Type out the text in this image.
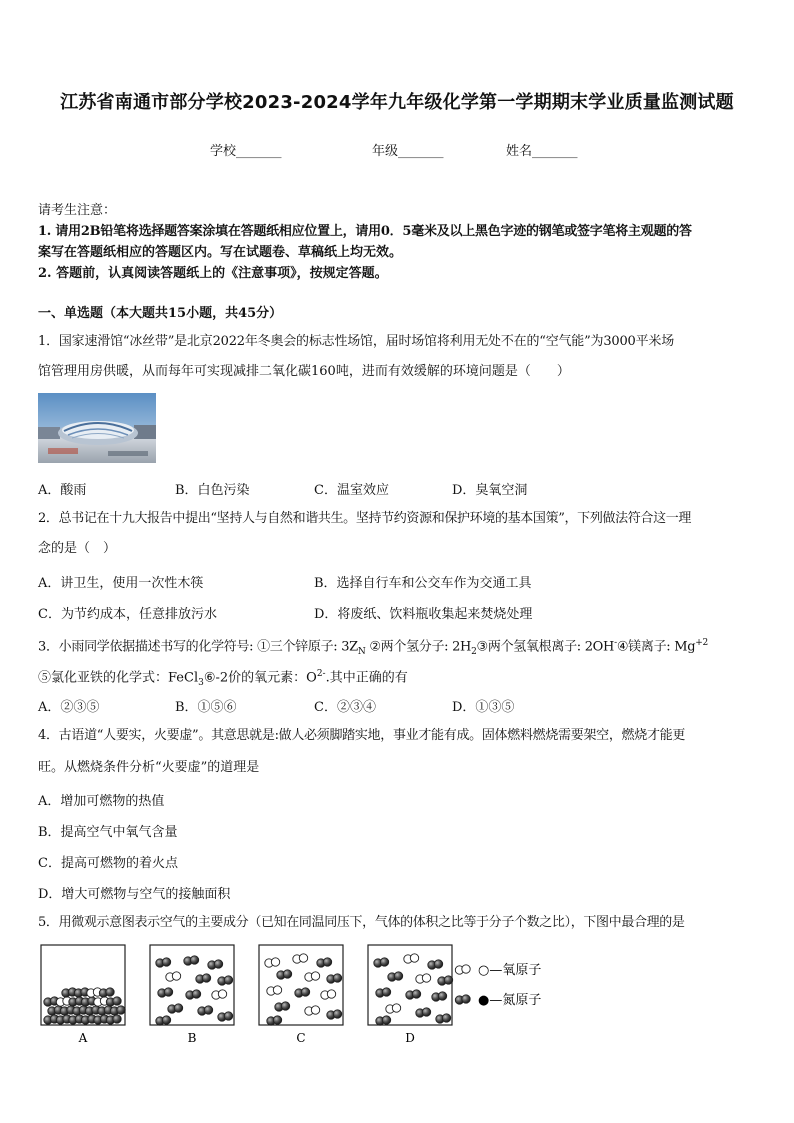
江苏省南通市部分学校2023-2024学年九年级化学第一学期期末学业质量监测试题
学校_______	年级_______	姓名_______
请考生注意：
1. 请用2B铅笔将选择题答案涂填在答题纸相应位置上，请用0．5毫米及以上黑色字迹的钢笔或签字笔将主观题的答
案写在答题纸相应的答题区内。写在试题卷、草稿纸上均无效。
2. 答题前，认真阅读答题纸上的《注意事项》，按规定答题。
一、单选题（本大题共15小题，共45分）
1．国家速滑馆“冰丝带”是北京2022年冬奥会的标志性场馆，届时场馆将利用无处不在的“空气能”为3000平米场
馆管理用房供暖，从而每年可实现减排二氧化碳160吨，进而有效缓解的环境问题是（　　）
A．酸雨	B．白色污染	C．温室效应	D．臭氧空洞
2．总书记在十九大报告中提出“坚持人与自然和谐共生。坚持节约资源和保护环境的基本国策”，下列做法符合这一理
念的是（　）
A．讲卫生，使用一次性木筷	B．选择自行车和公交车作为交通工具
C．为节约成本，任意排放污水	D．将废纸、饮料瓶收集起来焚烧处理
3．小雨同学依据描述书写的化学符号: ①三个锌原子: $3Z_N$ ②两个氢分子: $2H_2③$两个氢氧根离子: 2OH-④镁离子: $Mg^{+2}$
⑤氯化亚铁的化学式：FeCl$_3$⑥-2价的氧元素：$O^{2-}$.其中正确的有
A．②③⑤	B．①⑤⑥	C．②③④	D．①③⑤
4．古语道“人要实，火要虚”。其意思就是:做人必须脚踏实地，事业才能有成。固体燃料燃烧需要架空，燃烧才能更
旺。从燃烧条件分析“火要虚”的道理是
A．增加可燃物的热值
B．提高空气中氧气含量
C．提高可燃物的着火点
D．增大可燃物与空气的接触面积
5．用微观示意图表示空气的主要成分（已知在同温同压下，气体的体积之比等于分子个数之比），下图中最合理的是
A	B	C	D
○—氧原子
●—氮原子
